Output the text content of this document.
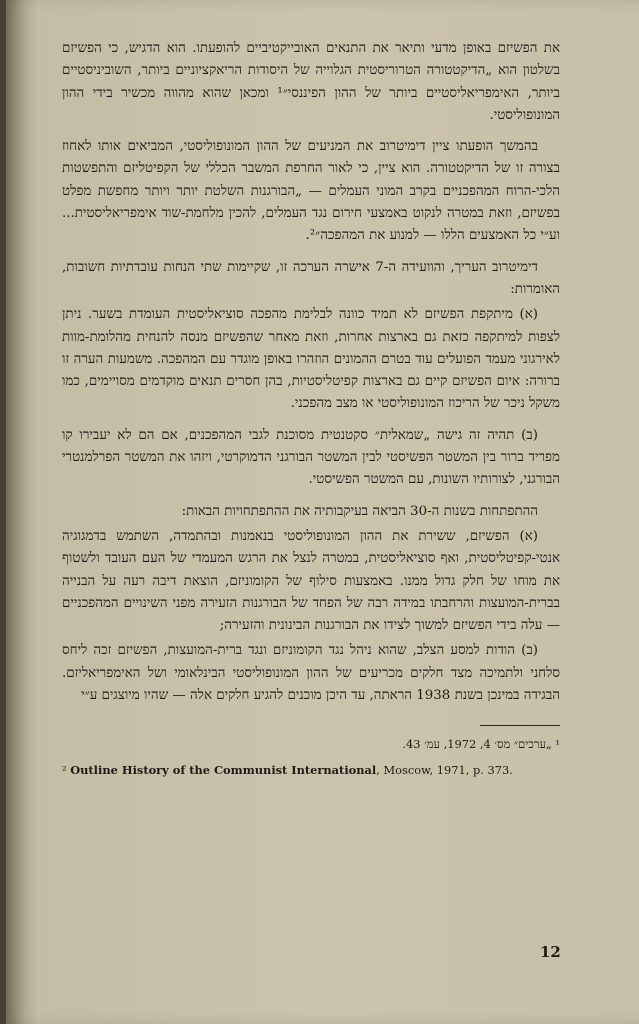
את הפשיזם באופן מדעי ותיאר את התנאים האובייקטיביים להופעתו. הוא הדגיש, כי הפשיזם בשלטון הוא „הדיקטטורה הטרוריסטית הגלוייה של היסודות הריאקציוניים ביותר, השוביניסטיים ביותר, האימפריאליסטיים ביותר של ההון הפיננסי״¹ ומכאן שהוא מהווה מכשיר בידי ההון המונופוליסטי.

בהמשך הופעתו ציין דימיטרוב את המניעים של ההון המונופוליסטי, המביאים אותו לאחוז בצורה זו של הדיקטטורה. הוא ציין, כי לאור החרפת המשבר הכללי של הקפיטליזם והתפשטות הלכי-הרוח המהפכניים בקרב המוני העמלים — „הבורגנות השלטת יותר ויותר מחפשת מפלט בפשיזם, וזאת במטרה לנקוט באמצעי חירום נגד העמלים, להכין מלחמת-שוד אימפריאליסטית... וע״י כל האמצעים הללו — למנוע את המהפכה״².

דימיטרוב העריך, והוועידה ה-7 אישרה הערכה זו, שקיימות שתי הנחות עובדתיות חשובות, האומרות:

(א) מיתקפת הפשיזם לא תמיד כוונה לבלימת מהפכה סוציאליסטית העומדת בשער. ניתן לצפות למיתקפה כזאת גם בארצות אחרות, וזאת מאחר שהפשיזם מנסה להנחית מהלומת-מוות לאירגוני מעמד הפועלים עוד בטרם ההמונים הוזהרו באופן מוגדר עם המהפכה. משמעות הערה זו ברורה: איום הפשיזם קיים גם בארצות קפיטליסטיות, בהן חסרים תנאים מוקדמים מסויימים, כמו משקל ניכר של הריכוז המונופוליסטי או מצב מהפכני.

(ב) תהיה זה גישה „שמאלית״ סקטנטית מסוכנת לגבי המהפכנים, אם הם לא יעבירו קו מפריד ברור בין המשטר הפשיסטי לבין המשטר הבורגני הדמוקרטי, ויזהו את המשטר הפרלמנטרי הבורגני, לצורותיו השונות, עם המשטר הפשיסטי.

ההתפתחות בשנות ה-30 הביאה בעיקבותיה את ההתפתחויות הבאות:

(א) הפשיזם, ששירת את ההון המונופוליסטי בנאמנות ובהתמדה, השתמש בדמגוגיה אנטי-קפיטליסטית, ואף סוציאליסטית, במטרה לנצל את הרגש המעמדי של העם העובד ולשטוף את מוחו של חלק גדול ממנו. באמצעות סילוף של הקומוניזם, הוצאת דיבה רעה על הבנייה בברית-המועצות והרחבתו במידה רבה של הפחד של הבורגנות הזעירה מפני השינויים המהפכניים — עלה בידי הפשיזם למשוך לצידו את הבורגנות הבינונית והזעירה;

(ב) הודות למסע הצלב, שהוא ניהל נגד הקומוניזם ונגד ברית-המועצות, הפשיזם זכה ליחס סלחני ולתמיכה מצד חלקים מכריעים של ההון המונופוליסטי הבינלאומי ושל האימפריאליזם. הבגידה במינכן בשנת 1938 הראתה, עד היכן מוכנים להגיע חלקים אלה — שהיו מיוצגים ע״י

¹ „ערכים״ מס׳ 4, 1972, עמ׳ 43.

² Outline History of the Communist International, Moscow, 1971, p. 373.

12
